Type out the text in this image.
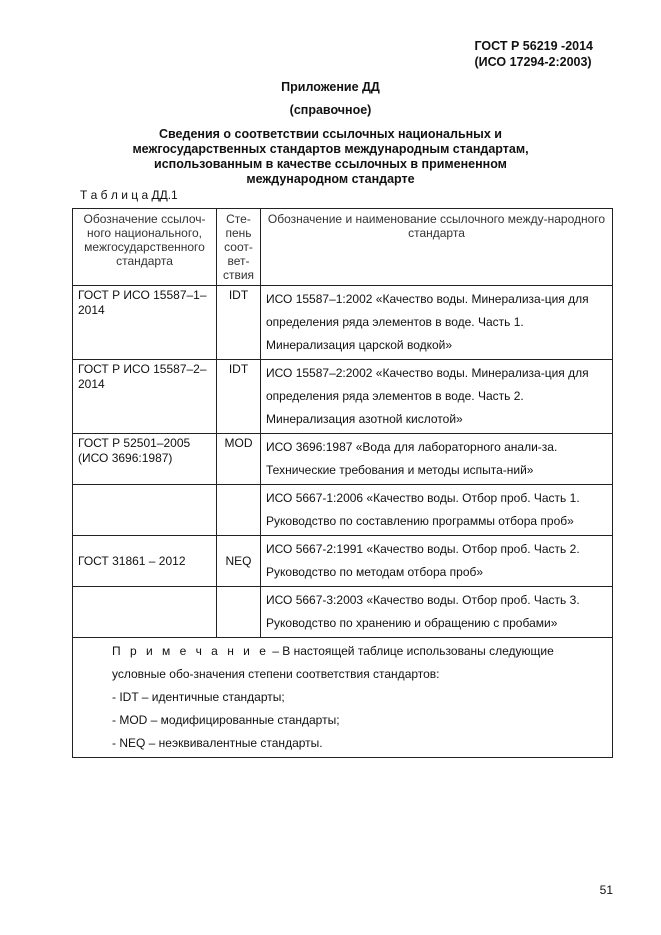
ГОСТ Р 56219 -2014
(ИСО 17294-2:2003)
Приложение ДД
(справочное)
Сведения о соответствии ссылочных национальных и
межгосударственных стандартов международным стандартам,
использованным в качестве ссылочных в примененном
международном стандарте
Т а б л и ц а ДД.1
Обозначение ссылоч-ного национального, межгосударственного стандарта	Сте-пень соот-вет-ствия	Обозначение и наименование ссылочного между-народного стандарта
ГОСТ Р ИСО 15587–1–2014	IDT	ИСО 15587–1:2002 «Качество воды. Минерализа-ция для определения ряда элементов в воде. Часть 1. Минерализация царской водкой»
ГОСТ Р ИСО 15587–2–2014	IDT	ИСО 15587–2:2002 «Качество воды. Минерализа-ция для определения ряда элементов в воде. Часть 2. Минерализация азотной кислотой»
ГОСТ Р 52501–2005 (ИСО 3696:1987)	MOD	ИСО 3696:1987 «Вода для лабораторного анали-за. Технические требования и методы испыта-ний»
		ИСО 5667-1:2006 «Качество воды. Отбор проб. Часть 1. Руководство по составлению программы отбора проб»
ГОСТ 31861 – 2012	NEQ	ИСО 5667-2:1991 «Качество воды. Отбор проб. Часть 2. Руководство по методам отбора проб»
		ИСО 5667-3:2003 «Качество воды. Отбор проб. Часть 3. Руководство по хранению и обращению с пробами»

П р и м е ч а н и е – В настоящей таблице использованы следующие условные обо-значения степени соответствия стандартов:
- IDT – идентичные стандарты;
- MOD – модифицированные стандарты;
- NEQ – неэквивалентные стандарты.		
51
